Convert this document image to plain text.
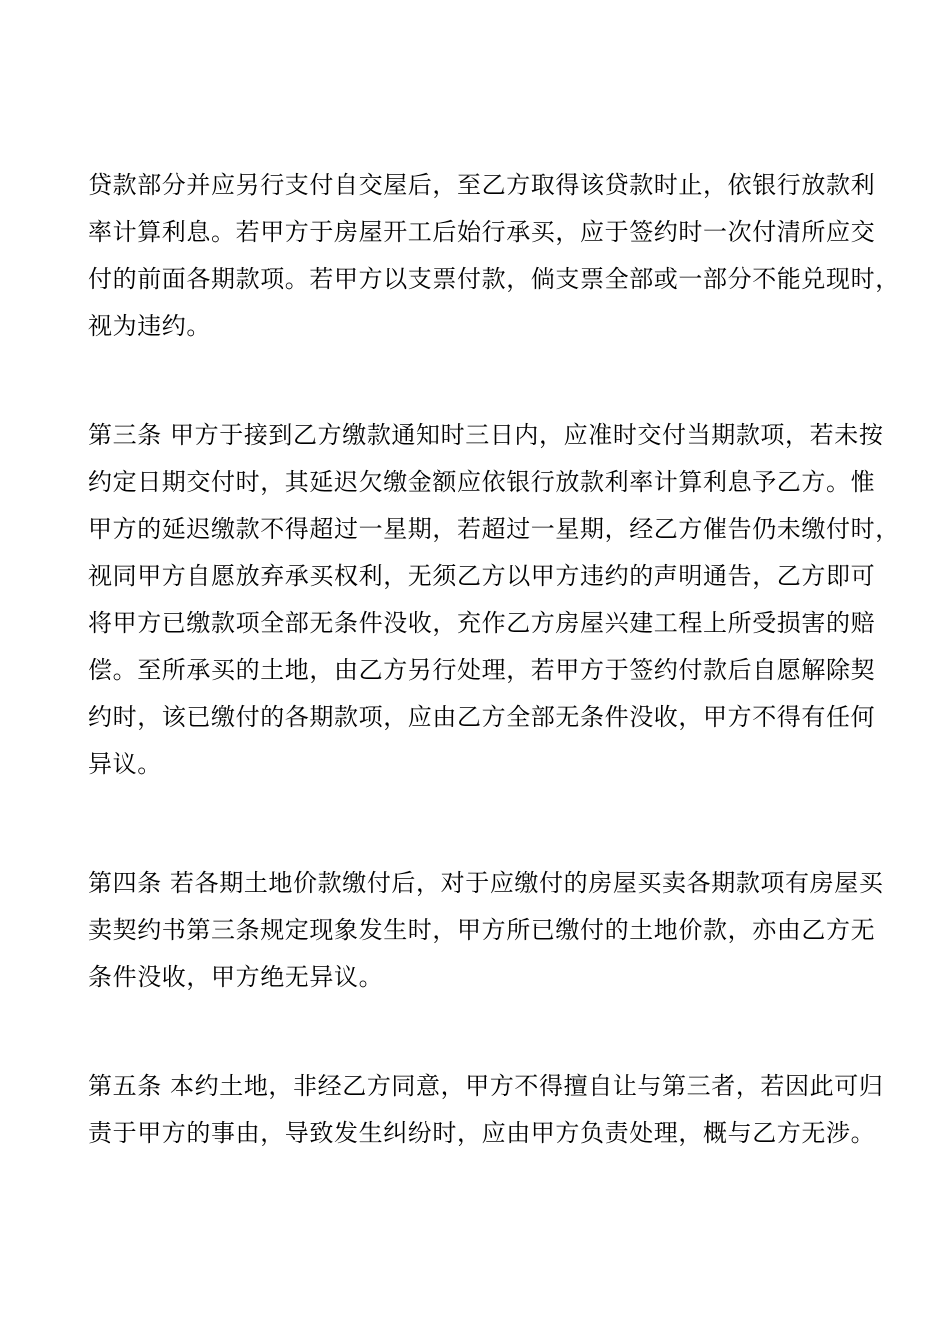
贷款部分并应另行支付自交屋后，至乙方取得该贷款时止，依银行放款利
率计算利息。若甲方于房屋开工后始行承买，应于签约时一次付清所应交
付的前面各期款项。若甲方以支票付款，倘支票全部或一部分不能兑现时，
视为违约。
第三条 甲方于接到乙方缴款通知时三日内，应准时交付当期款项，若未按
约定日期交付时，其延迟欠缴金额应依银行放款利率计算利息予乙方。惟
甲方的延迟缴款不得超过一星期，若超过一星期，经乙方催告仍未缴付时，
视同甲方自愿放弃承买权利，无须乙方以甲方违约的声明通告，乙方即可
将甲方已缴款项全部无条件没收，充作乙方房屋兴建工程上所受损害的赔
偿。至所承买的土地，由乙方另行处理，若甲方于签约付款后自愿解除契
约时，该已缴付的各期款项，应由乙方全部无条件没收，甲方不得有任何
异议。
第四条 若各期土地价款缴付后，对于应缴付的房屋买卖各期款项有房屋买
卖契约书第三条规定现象发生时，甲方所已缴付的土地价款，亦由乙方无
条件没收，甲方绝无异议。
第五条 本约土地，非经乙方同意，甲方不得擅自让与第三者，若因此可归
责于甲方的事由，导致发生纠纷时，应由甲方负责处理，概与乙方无涉。
